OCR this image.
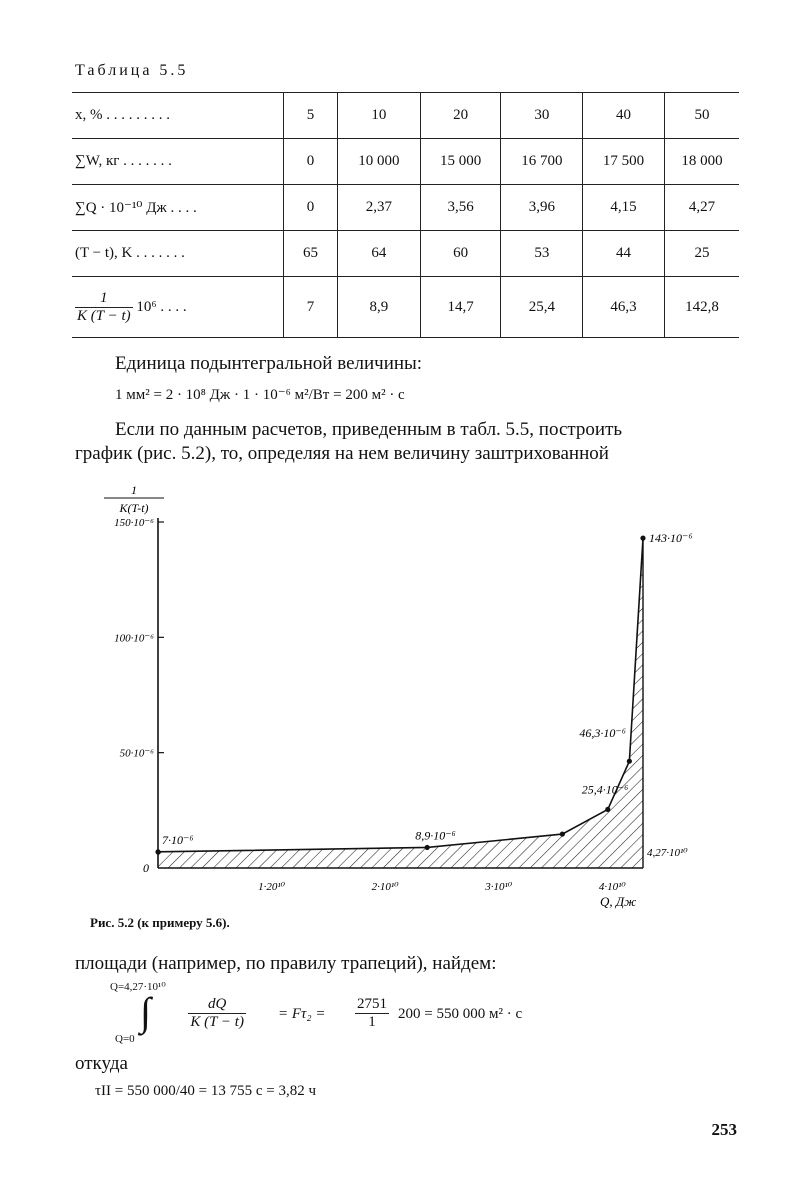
Таблица 5.5
x, % . . . . . . . . .	5	10	20	30	40	50
∑W, кг . . . . . . .	0	10 000	15 000	16 700	17 500	18 000
∑Q · 10⁻¹⁰ Дж . . . .	0	2,37	3,56	3,96	4,15	4,27
(T − t), K . . . . . . .	65	64	60	53	44	25

$\frac{1}{K (T - t)} 10^6$ . . . .	7	8,9	14,7	25,4	46,3	142,8
Единица подынтегральной величины:
1 мм² = 2 · 10⁸ Дж · 1 · 10⁻⁶ м²/Вт = 200 м² · с
Если по данным расчетов, приведенным в табл. 5.5, построить
график (рис. 5.2), то, определяя на нем величину заштрихованной
50·10⁻⁶
100·10⁻⁶
150·10⁻⁶
1·20¹⁰	2·10¹⁰	3·10¹⁰	4·10¹⁰
0
7·10⁻⁶	8,9·10⁻⁶
25,4·10⁻⁶
46,3·10⁻⁶
143·10⁻⁶
4,27·10¹⁰
Q, Дж
1
K(T-t)
Рис. 5.2 (к примеру 5.6).
площади (например, по правилу трапеций), найдем:
Q=4,27·10¹⁰
∫
Q=0
$\frac{dQ}{K (T - t)} = F\tau_2 = \frac{2751}{1} 200 = 550$ 000 м² · с
откуда
τII = 550 000/40 = 13 755 с = 3,82 ч
253
